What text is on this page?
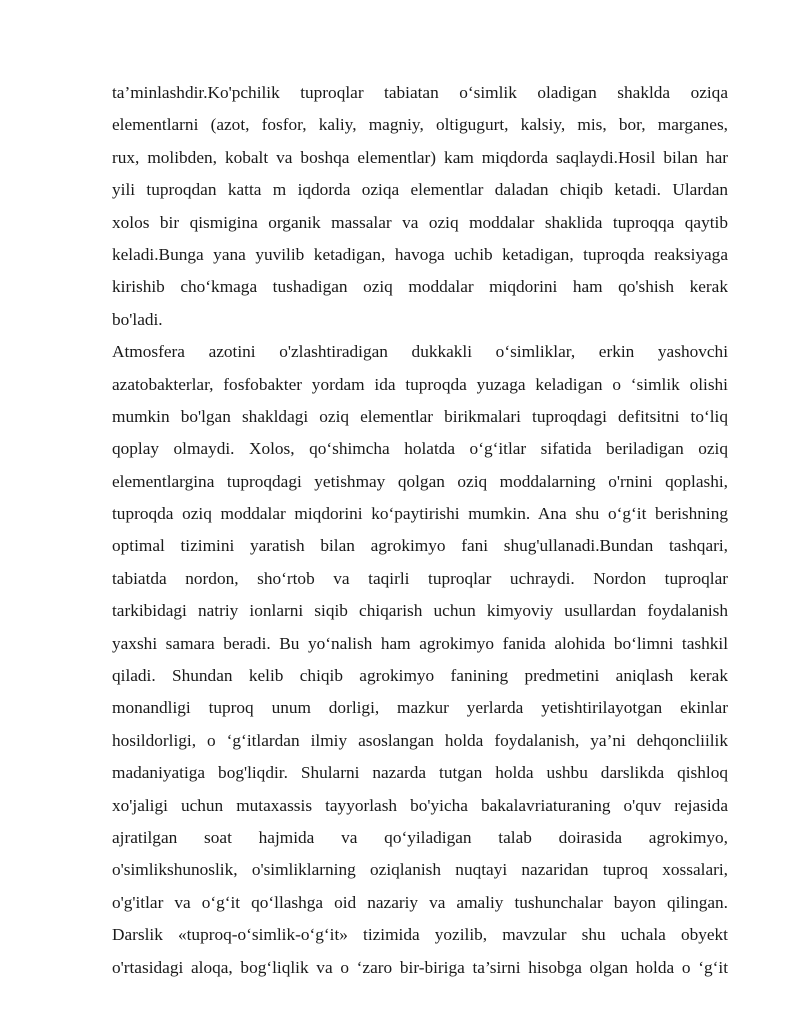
ta’minlashdir.Ko'pchilik tuproqlar tabiatan o‘simlik oladigan shaklda oziqa
elementlarni (azot, fosfor, kaliy, magniy, oltigugurt, kalsiy, mis, bor, marganes,
rux, molibden, kobalt va boshqa elementlar) kam miqdorda saqlaydi.Hosil bilan har
yili tuproqdan katta m iqdorda oziqa elementlar daladan chiqib ketadi. Ulardan
xolos bir qismigina organik massalar va oziq moddalar shaklida tuproqqa qaytib
keladi.Bunga yana yuvilib ketadigan, havoga uchib ketadigan, tuproqda reaksiyaga
kirishib cho‘kmaga tushadigan oziq moddalar miqdorini ham qo'shish kerak
bo'ladi.
Atmosfera azotini o'zlashtiradigan dukkakli o‘simliklar, erkin yashovchi
azatobakterlar, fosfobakter yordam ida tuproqda yuzaga keladigan o ‘simlik olishi
mumkin bo'lgan shakldagi oziq elementlar birikmalari tuproqdagi defitsitni to‘liq
qoplay olmaydi. Xolos, qo‘shimcha holatda o‘g‘itlar sifatida beriladigan oziq
elementlargina tuproqdagi yetishmay qolgan oziq moddalarning o'rnini qoplashi,
tuproqda oziq moddalar miqdorini ko‘paytirishi mumkin. Ana shu o‘g‘it berishning
optimal tizimini yaratish bilan agrokimyo fani shug'ullanadi.Bundan tashqari,
tabiatda nordon, sho‘rtob va taqirli tuproqlar uchraydi. Nordon tuproqlar
tarkibidagi natriy ionlarni siqib chiqarish uchun kimyoviy usullardan foydalanish
yaxshi samara beradi. Bu yo‘nalish ham agrokimyo fanida alohida bo‘limni tashkil
qiladi. Shundan kelib chiqib agrokimyo fanining predmetini aniqlash kerak
monandligi tuproq unum dorligi, mazkur yerlarda yetishtirilayotgan ekinlar
hosildorligi, o ‘g‘itlardan ilmiy asoslangan holda foydalanish, ya’ni dehqoncliilik
madaniyatiga bog'liqdir. Shularni nazarda tutgan holda ushbu darslikda qishloq
xo'jaligi uchun mutaxassis tayyorlash bo'yicha bakalavriaturaning o'quv rejasida
ajratilgan soat hajmida va qo‘yiladigan talab doirasida agrokimyo,
o'simlikshunoslik, o'simliklarning oziqlanish nuqtayi nazaridan tuproq xossalari,
o'g'itlar va o‘g‘it qo‘llashga oid nazariy va amaliy tushunchalar bayon qilingan.
Darslik «tuproq-o‘simlik-o‘g‘it» tizimida yozilib, mavzular shu uchala obyekt
o'rtasidagi aloqa, bog‘liqlik va o ‘zaro bir-biriga ta’sirni hisobga olgan holda o ‘g‘it
